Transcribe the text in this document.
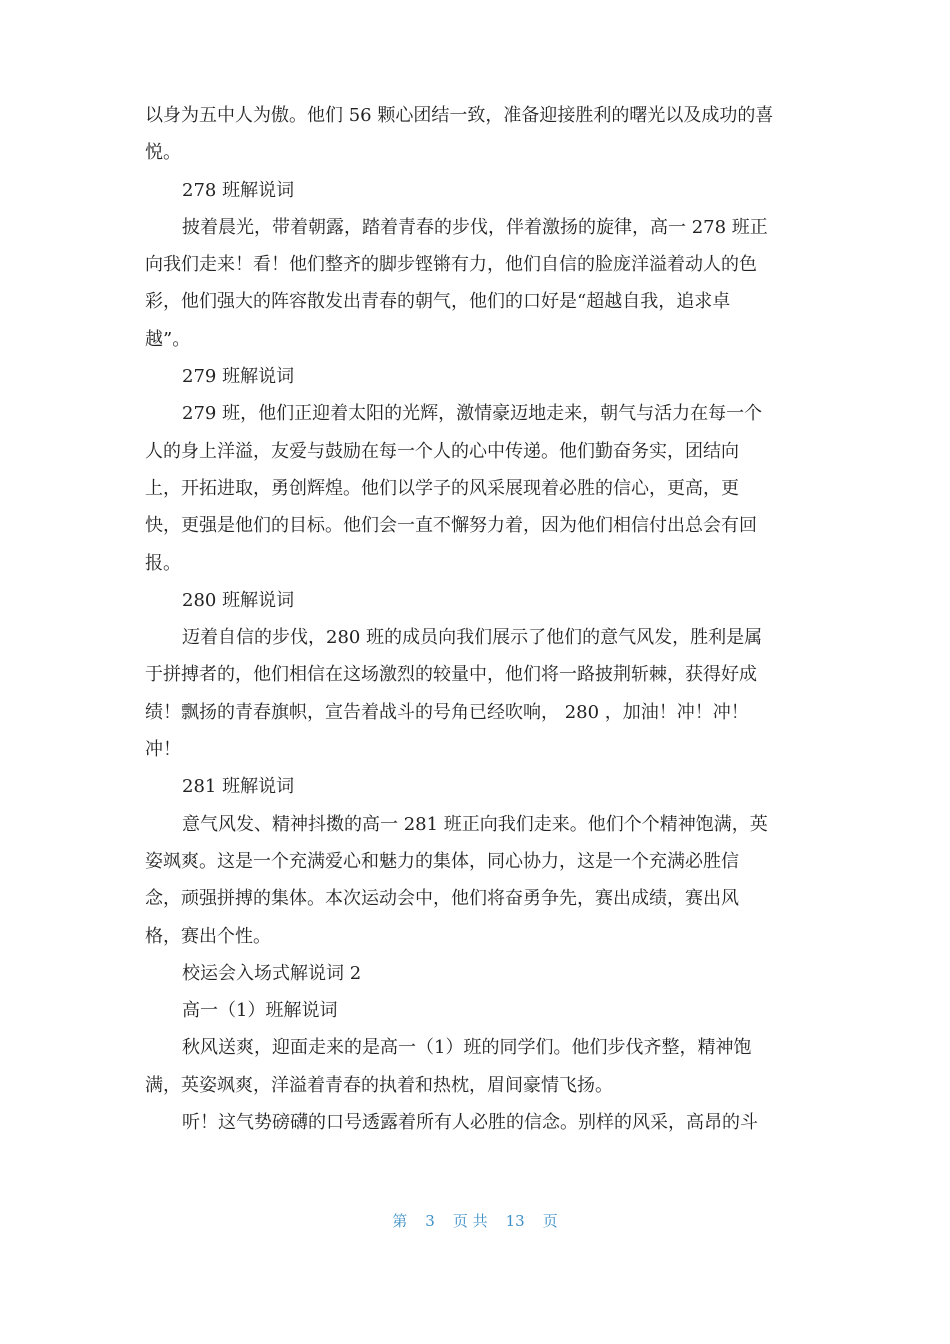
以身为五中人为傲。他们 56 颗心团结一致，准备迎接胜利的曙光以及成功的喜
悦。
278 班解说词
披着晨光，带着朝露，踏着青春的步伐，伴着激扬的旋律，高一 278 班正
向我们走来！看！他们整齐的脚步铿锵有力，他们自信的脸庞洋溢着动人的色
彩，他们强大的阵容散发出青春的朝气，他们的口好是“超越自我，追求卓
越”。
279 班解说词
279 班，他们正迎着太阳的光辉，激情豪迈地走来，朝气与活力在每一个
人的身上洋溢，友爱与鼓励在每一个人的心中传递。他们勤奋务实，团结向
上，开拓进取，勇创辉煌。他们以学子的风采展现着必胜的信心，更高，更
快，更强是他们的目标。他们会一直不懈努力着，因为他们相信付出总会有回
报。
280 班解说词
迈着自信的步伐，280 班的成员向我们展示了他们的意气风发，胜利是属
于拼搏者的，他们相信在这场激烈的较量中，他们将一路披荆斩棘，获得好成
绩！飘扬的青春旗帜，宣告着战斗的号角已经吹响， 280 ，加油！冲！冲！
冲！
281 班解说词
意气风发、精神抖擞的高一 281 班正向我们走来。他们个个精神饱满，英
姿飒爽。这是一个充满爱心和魅力的集体，同心协力，这是一个充满必胜信
念，顽强拼搏的集体。本次运动会中，他们将奋勇争先，赛出成绩，赛出风
格，赛出个性。
校运会入场式解说词 2
高一（1）班解说词
秋风送爽，迎面走来的是高一（1）班的同学们。他们步伐齐整，精神饱
满，英姿飒爽，洋溢着青春的执着和热枕，眉间豪情飞扬。
听！这气势磅礴的口号透露着所有人必胜的信念。别样的风采，高昂的斗
第 3 页 共 13 页
